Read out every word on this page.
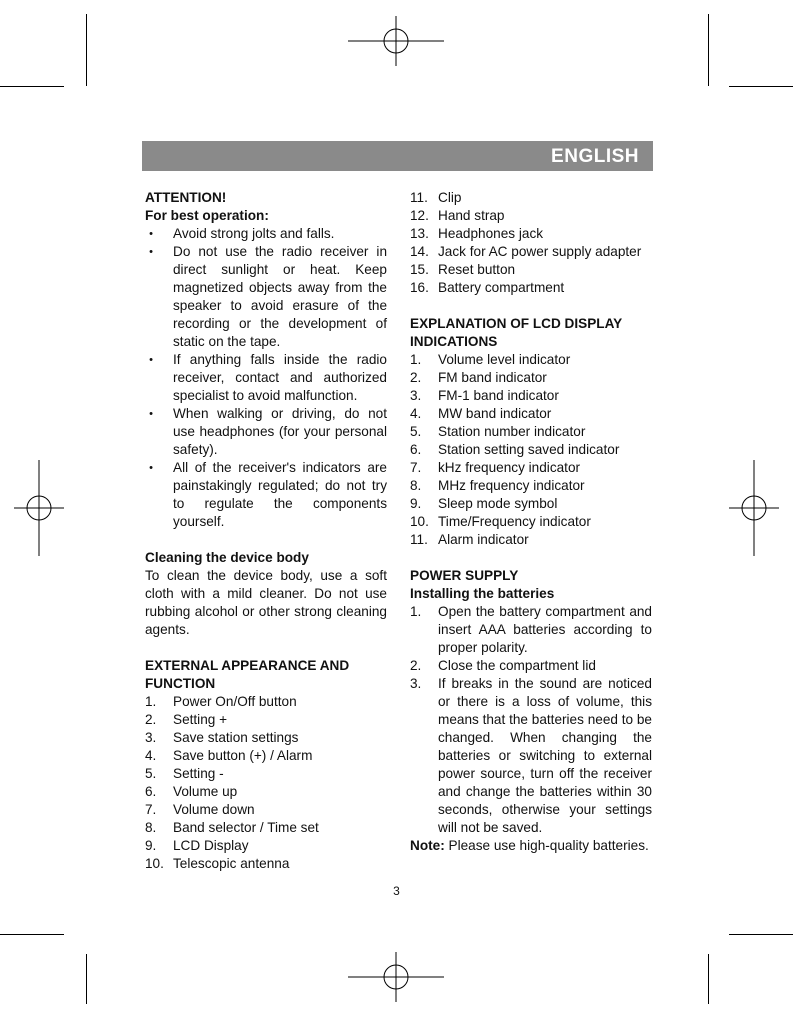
ENGLISH

ATTENTION!

For best operation:

• Avoid strong jolts and falls.
• Do not use the radio receiver in direct sunlight or heat. Keep magnetized objects away from the speaker to avoid erasure of the recording or the development of static on the tape.
• If anything falls inside the radio receiver, contact and authorized specialist to avoid malfunction.
• When walking or driving, do not use headphones (for your personal safety).
• All of the receiver's indicators are painstakingly regulated; do not try to regulate the components yourself.

Cleaning the device body

To clean the device body, use a soft cloth with a mild cleaner. Do not use rubbing alcohol or other strong cleaning agents.

EXTERNAL APPEARANCE AND FUNCTION

1. Power On/Off button
2. Setting +
3. Save station settings
4. Save button (+) / Alarm
5. Setting -
6. Volume up
7. Volume down
8. Band selector / Time set
9. LCD Display
10. Telescopic antenna
11. Clip
12. Hand strap
13. Headphones jack
14. Jack for AC power supply adapter
15. Reset button
16. Battery compartment

EXPLANATION OF LCD DISPLAY INDICATIONS

1. Volume level indicator
2. FM band indicator
3. FM-1 band indicator
4. MW band indicator
5. Station number indicator
6. Station setting saved indicator
7. kHz frequency indicator
8. MHz frequency indicator
9. Sleep mode symbol
10. Time/Frequency indicator
11. Alarm indicator

POWER SUPPLY

Installing the batteries

1. Open the battery compartment and insert AAA batteries according to proper polarity.
2. Close the compartment lid
3. If breaks in the sound are noticed or there is a loss of volume, this means that the batteries need to be changed. When changing the batteries or switching to external power source, turn off the receiver and change the batteries within 30 seconds, otherwise your settings will not be saved.

Note: Please use high-quality batteries.

3
